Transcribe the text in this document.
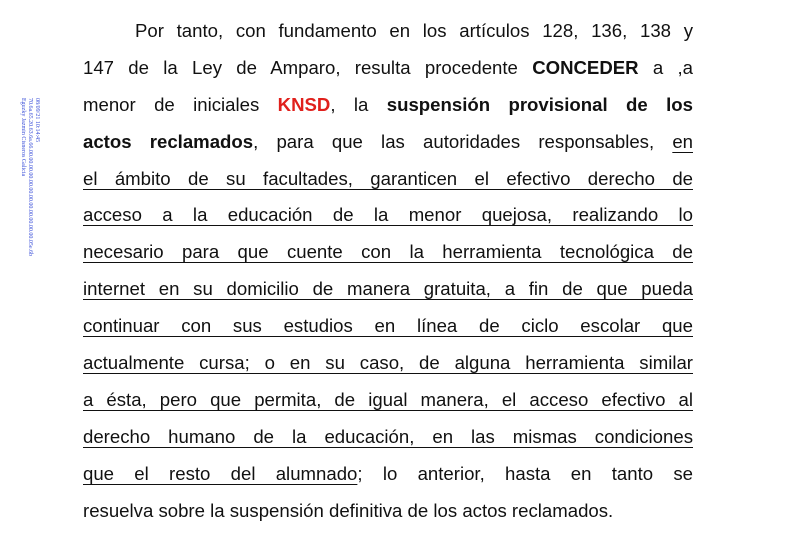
Eguzky Jazmin Cisneros Galicia 70.6a.65.20.63.6a.66.00.00.00.00.00.00.00.00.00.00.00.00.05e.6b 08/09/21 10:14:45
Por tanto, con fundamento en los artículos 128, 136, 138 y
147 de la Ley de Amparo, resulta procedente CONCEDER a ,a
menor de iniciales KNSD, la suspensión provisional de los
actos reclamados, para que las autoridades responsables, en
el ámbito de su facultades, garanticen el efectivo derecho de
acceso a la educación de la menor quejosa, realizando lo
necesario para que cuente con la herramienta tecnológica de
internet en su domicilio de manera gratuita, a fin de que pueda
continuar con sus estudios en línea de ciclo escolar que
actualmente cursa; o en su caso, de alguna herramienta similar
a ésta, pero que permita, de igual manera, el acceso efectivo al
derecho humano de la educación, en las mismas condiciones
que el resto del alumnado; lo anterior, hasta en tanto se
resuelva sobre la suspensión definitiva de los actos reclamados.
